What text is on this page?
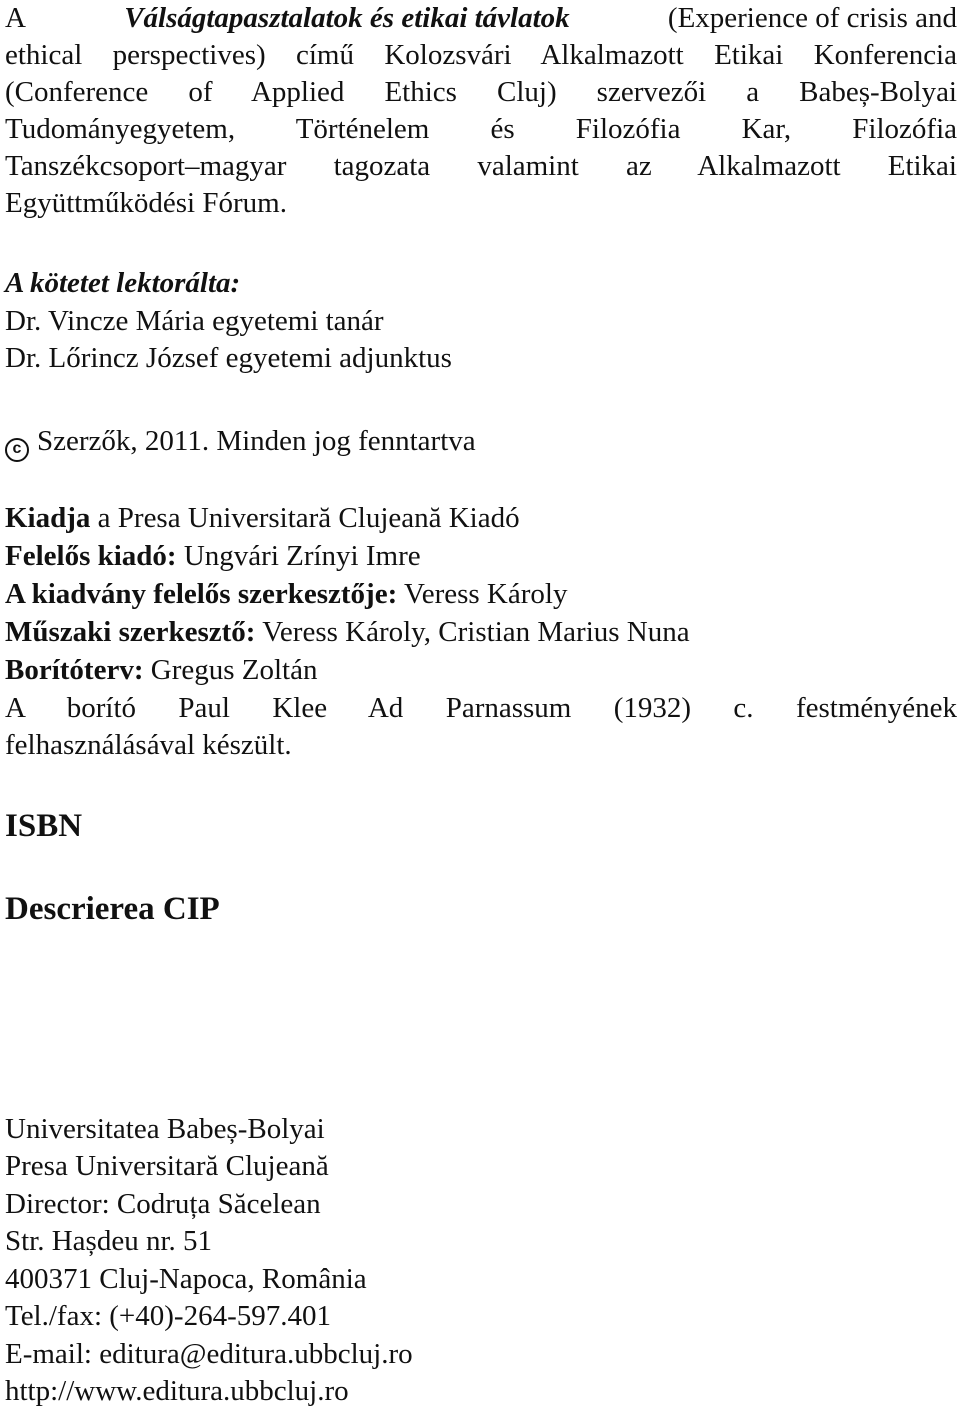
A	Válságtapasztalatok és etikai távlatok	(Experience of crisis and
ethical perspectives) című Kolozsvári Alkalmazott Etikai Konferencia
(Conference of Applied Ethics Cluj) szervezői a Babeș-Bolyai
Tudományegyetem, Történelem és Filozófia Kar, Filozófia
Tanszékcsoport–magyar tagozata valamint az Alkalmazott Etikai
Együttműködési Fórum.
A kötetet lektorálta:
Dr. Vincze Mária egyetemi tanár
Dr. Lőrincz József egyetemi adjunktus
c Szerzők, 2011. Minden jog fenntartva
Kiadja a Presa Universitară Clujeană Kiadó
Felelős kiadó: Ungvári Zrínyi Imre
A kiadvány felelős szerkesztője: Veress Károly
Műszaki szerkesztő: Veress Károly, Cristian Marius Nuna
Borítóterv: Gregus Zoltán
A borító Paul Klee Ad Parnassum (1932) c. festményének
felhasználásával készült.
ISBN
Descrierea CIP
Universitatea Babeș-Bolyai
Presa Universitară Clujeană
Director: Codruța Săcelean
Str. Hașdeu nr. 51
400371 Cluj-Napoca, România
Tel./fax: (+40)-264-597.401
E-mail: editura@editura.ubbcluj.ro
http://www.editura.ubbcluj.ro
